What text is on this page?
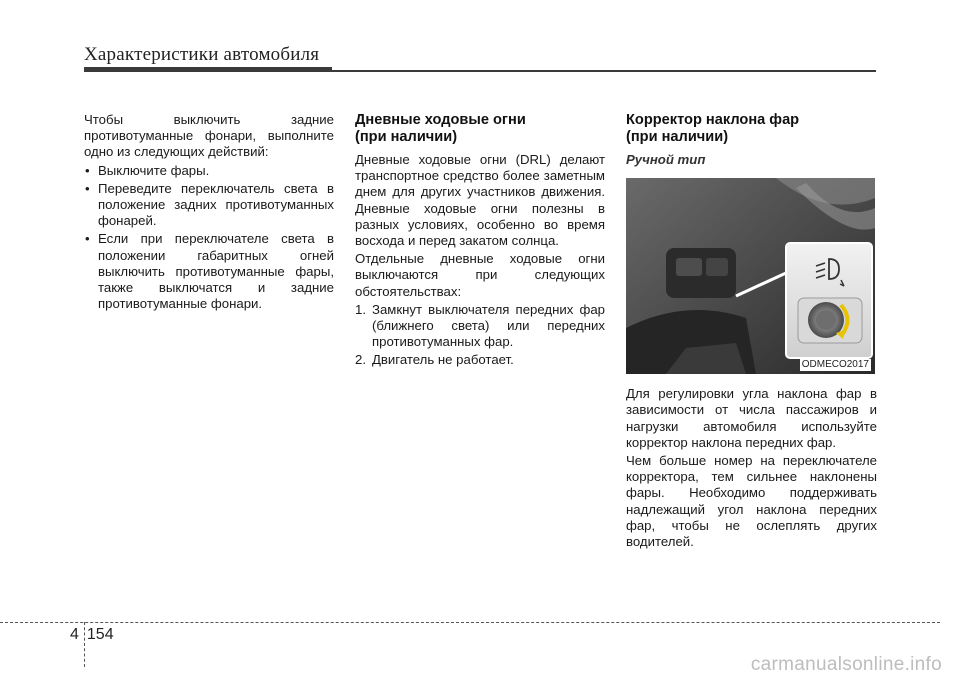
Характеристики автомобиля

Чтобы выключить задние противотуманные фонари, выполните одно из следующих действий:

• Выключите фары.
• Переведите переключатель света в положение задних противотуманных фонарей.
• Если при переключателе света в положении габаритных огней выключить противотуманные фары, также выключатся и задние противотуманные фонари.
Дневные ходовые огни
(при наличии)

Дневные ходовые огни (DRL) делают транспортное средство более заметным днем для других участников движения. Дневные ходовые огни полезны в разных условиях, особенно во время восхода и перед закатом солнца.

Отдельные дневные ходовые огни выключаются при следующих обстоятельствах:

1. Замкнут выключателя передних фар (ближнего света) или передних противотуманных фар.
2. Двигатель не работает.
Корректор наклона фар
(при наличии)
Ручной тип
ODMECO2017

Для регулировки угла наклона фар в зависимости от числа пассажиров и нагрузки автомобиля используйте корректор наклона передних фар.

Чем больше номер на переключателе корректора, тем сильнее наклонены фары. Необходимо поддерживать надлежащий угол наклона передних фар, чтобы не ослеплять других водителей.

4 154
carmanualsonline.info
